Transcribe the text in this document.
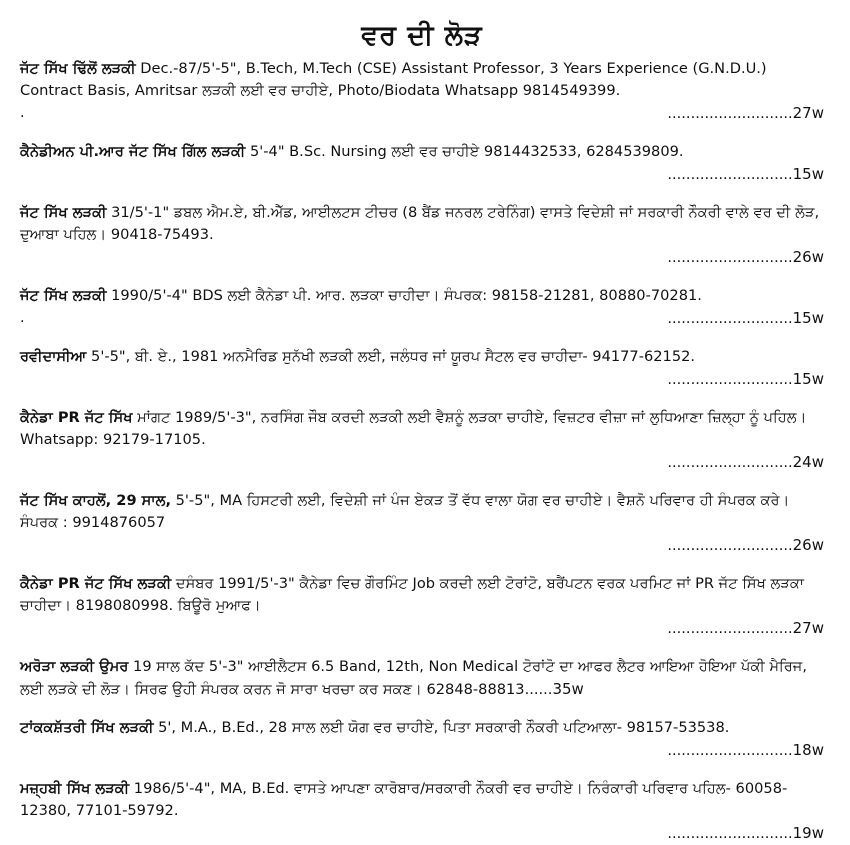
ਵਰ ਦੀ ਲੋੜ

ਜੱਟ ਸਿੱਖ ਢਿੱਲੋਂ ਲੜਕੀ Dec.-87/5'-5", B.Tech, M.Tech (CSE) Assistant Professor, 3 Years Experience (G.N.D.U.) Contract Basis, Amritsar ਲੜਕੀ ਲਈ ਵਰ ਚਾਹੀਏ, Photo/Biodata Whatsapp 9814549399.

.	...........................27w

ਕੈਨੇਡੀਅਨ ਪੀ.ਆਰ ਜੱਟ ਸਿੱਖ ਗਿੱਲ ਲੜਕੀ 5'-4" B.Sc. Nursing ਲਈ ਵਰ ਚਾਹੀਏ 9814432533, 6284539809.

...........................15w

ਜੱਟ ਸਿੱਖ ਲੜਕੀ 31/5'-1" ਡਬਲ ਐਮ.ਏ, ਬੀ.ਐੱਡ, ਆਈਲਟਸ ਟੀਚਰ (8 ਬੈਂਡ ਜਨਰਲ ਟਰੇਨਿੰਗ) ਵਾਸਤੇ ਵਿਦੇਸ਼ੀ ਜਾਂ ਸਰਕਾਰੀ ਨੌਕਰੀ ਵਾਲੇ ਵਰ ਦੀ ਲੋੜ, ਦੁਆਬਾ ਪਹਿਲ। 90418-75493.

...........................26w

ਜੱਟ ਸਿੱਖ ਲੜਕੀ 1990/5'-4" BDS ਲਈ ਕੈਨੇਡਾ ਪੀ. ਆਰ. ਲੜਕਾ ਚਾਹੀਦਾ। ਸੰਪਰਕ: 98158-21281, 80880-70281.

.	...........................15w

ਰਵੀਦਾਸੀਆ 5'-5", ਬੀ. ਏ., 1981 ਅਨਮੈਰਿਡ ਸੁਨੱਖੀ ਲੜਕੀ ਲਈ, ਜਲੰਧਰ ਜਾਂ ਯੂਰਪ ਸੈਟਲ ਵਰ ਚਾਹੀਦਾ- 94177-62152.

...........................15w

ਕੈਨੇਡਾ PR ਜੱਟ ਸਿੱਖ ਮਾਂਗਟ 1989/5'-3", ਨਰਸਿੰਗ ਜੌਬ ਕਰਦੀ ਲੜਕੀ ਲਈ ਵੈਸ਼ਨੂੰ ਲੜਕਾ ਚਾਹੀਏ, ਵਿਜ਼ਟਰ ਵੀਜ਼ਾ ਜਾਂ ਲੁਧਿਆਣਾ ਜ਼ਿਲ੍ਹਾ ਨੂੰ ਪਹਿਲ। Whatsapp: 92179-17105.

...........................24w

ਜੱਟ ਸਿੱਖ ਕਾਹਲੋਂ, 29 ਸਾਲ, 5'-5", MA ਹਿਸਟਰੀ ਲਈ, ਵਿਦੇਸ਼ੀ ਜਾਂ ਪੰਜ ਏਕੜ ਤੋਂ ਵੱਧ ਵਾਲਾ ਯੋਗ ਵਰ ਚਾਹੀਏ। ਵੈਸ਼ਨੋ ਪਰਿਵਾਰ ਹੀ ਸੰਪਰਕ ਕਰੇ। ਸੰਪਰਕ : 9914876057

...........................26w

ਕੈਨੇਡਾ PR ਜੱਟ ਸਿੱਖ ਲੜਕੀ ਦਸੰਬਰ 1991/5'-3" ਕੈਨੇਡਾ ਵਿਚ ਗੌਰਮਿੰਟ Job ਕਰਦੀ ਲਈ ਟੋਰਾਂਟੋ, ਬਰੈਂਪਟਨ ਵਰਕ ਪਰਮਿਟ ਜਾਂ PR ਜੱਟ ਸਿੱਖ ਲੜਕਾ ਚਾਹੀਦਾ। 8198080998. ਬਿਊਰੋ ਮੁਆਫ।

...........................27w

ਅਰੋੜਾ ਲੜਕੀ ਉਮਰ 19 ਸਾਲ ਕੱਦ 5'-3" ਆਈਲੈਟਸ 6.5 Band, 12th, Non Medical ਟੋਰਾਂਟੋ ਦਾ ਆਫਰ ਲੈਟਰ ਆਇਆ ਹੋਇਆ ਪੱਕੀ ਮੈਰਿਜ, ਲਈ ਲੜਕੇ ਦੀ ਲੋੜ। ਸਿਰਫ ਉਹੀ ਸੰਪਰਕ ਕਰਨ ਜੋ ਸਾਰਾ ਖਰਚਾ ਕਰ ਸਕਣ। 62848-88813......35w

ਟਾਂਕਕਸ਼ੱਤਰੀ ਸਿੱਖ ਲੜਕੀ 5', M.A., B.Ed., 28 ਸਾਲ ਲਈ ਯੋਗ ਵਰ ਚਾਹੀਏ, ਪਿਤਾ ਸਰਕਾਰੀ ਨੌਕਰੀ ਪਟਿਆਲਾ- 98157-53538.

...........................18w

ਮਜ਼੍ਹਬੀ ਸਿੱਖ ਲੜਕੀ 1986/5'-4", MA, B.Ed. ਵਾਸਤੇ ਆਪਣਾ ਕਾਰੋਬਾਰ/ਸਰਕਾਰੀ ਨੌਕਰੀ ਵਰ ਚਾਹੀਏ। ਨਿਰੰਕਾਰੀ ਪਰਿਵਾਰ ਪਹਿਲ- 60058-12380, 77101-59792.

...........................19w
